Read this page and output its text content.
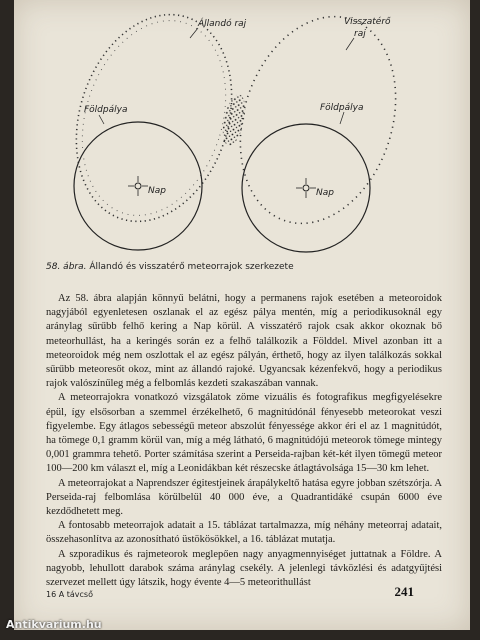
Nap
Földpálya
Állandó raj
Nap
Földpálya
Visszatérő
raj
58. ábra. Állandó és visszatérő meteorrajok szerkezete

Az 58. ábra alapján könnyű belátni, hogy a permanens rajok esetében a meteoroidok nagyjából egyenletesen oszlanak el az egész pálya mentén, míg a periodikusoknál egy aránylag sűrűbb felhő kering a Nap körül. A visszatérő rajok csak akkor okoznak bő meteorhullást, ha a keringés során ez a felhő találkozik a Földdel. Mivel azonban itt a meteoroidok még nem oszlottak el az egész pályán, érthető, hogy az ilyen találkozás sokkal sűrűbb meteoresőt okoz, mint az állandó rajoké. Ugyancsak kézenfekvő, hogy a periodikus rajok valószínűleg még a felbomlás kezdeti szakaszában vannak.

A meteorrajokra vonatkozó vizsgálatok zöme vizuális és fotografikus megfigyelésekre épül, így elsősorban a szemmel érzékelhető, 6 magnitúdónál fényesebb meteorokat veszi figyelembe. Egy átlagos sebességű meteor abszolút fényessége akkor éri el az 1 magnitúdót, ha tömege 0,1 gramm körül van, míg a még látható, 6 magnitúdójú meteorok tömege mintegy 0,001 grammra tehető. Porter számítása szerint a Perseida-rajban két-két ilyen tömegű meteor 100—200 km választ el, míg a Leonidákban két részecske átlagtávolsága 15—30 km lehet.

A meteorrajokat a Naprendszer égitestjeinek árapálykeltő hatása egyre jobban szétszórja. A Perseida-raj felbomlása körülbelül 40 000 éve, a Quadrantidáké csupán 6000 éve kezdődhetett meg.

A fontosabb meteorrajok adatait a 15. táblázat tartalmazza, míg néhány meteorraj adatait, összehasonlítva az azonosítható üstökösökkel, a 16. táblázat mutatja.

A szporadikus és rajmeteorok meglepően nagy anyagmennyiséget juttatnak a Földre. A nagyobb, lehullott darabok száma aránylag csekély. A jelenlegi távközlési és adatgyűjtési szervezet mellett úgy látszik, hogy évente 4—5 meteorithullást

16 A távcső	241
Antikvarium.hu
